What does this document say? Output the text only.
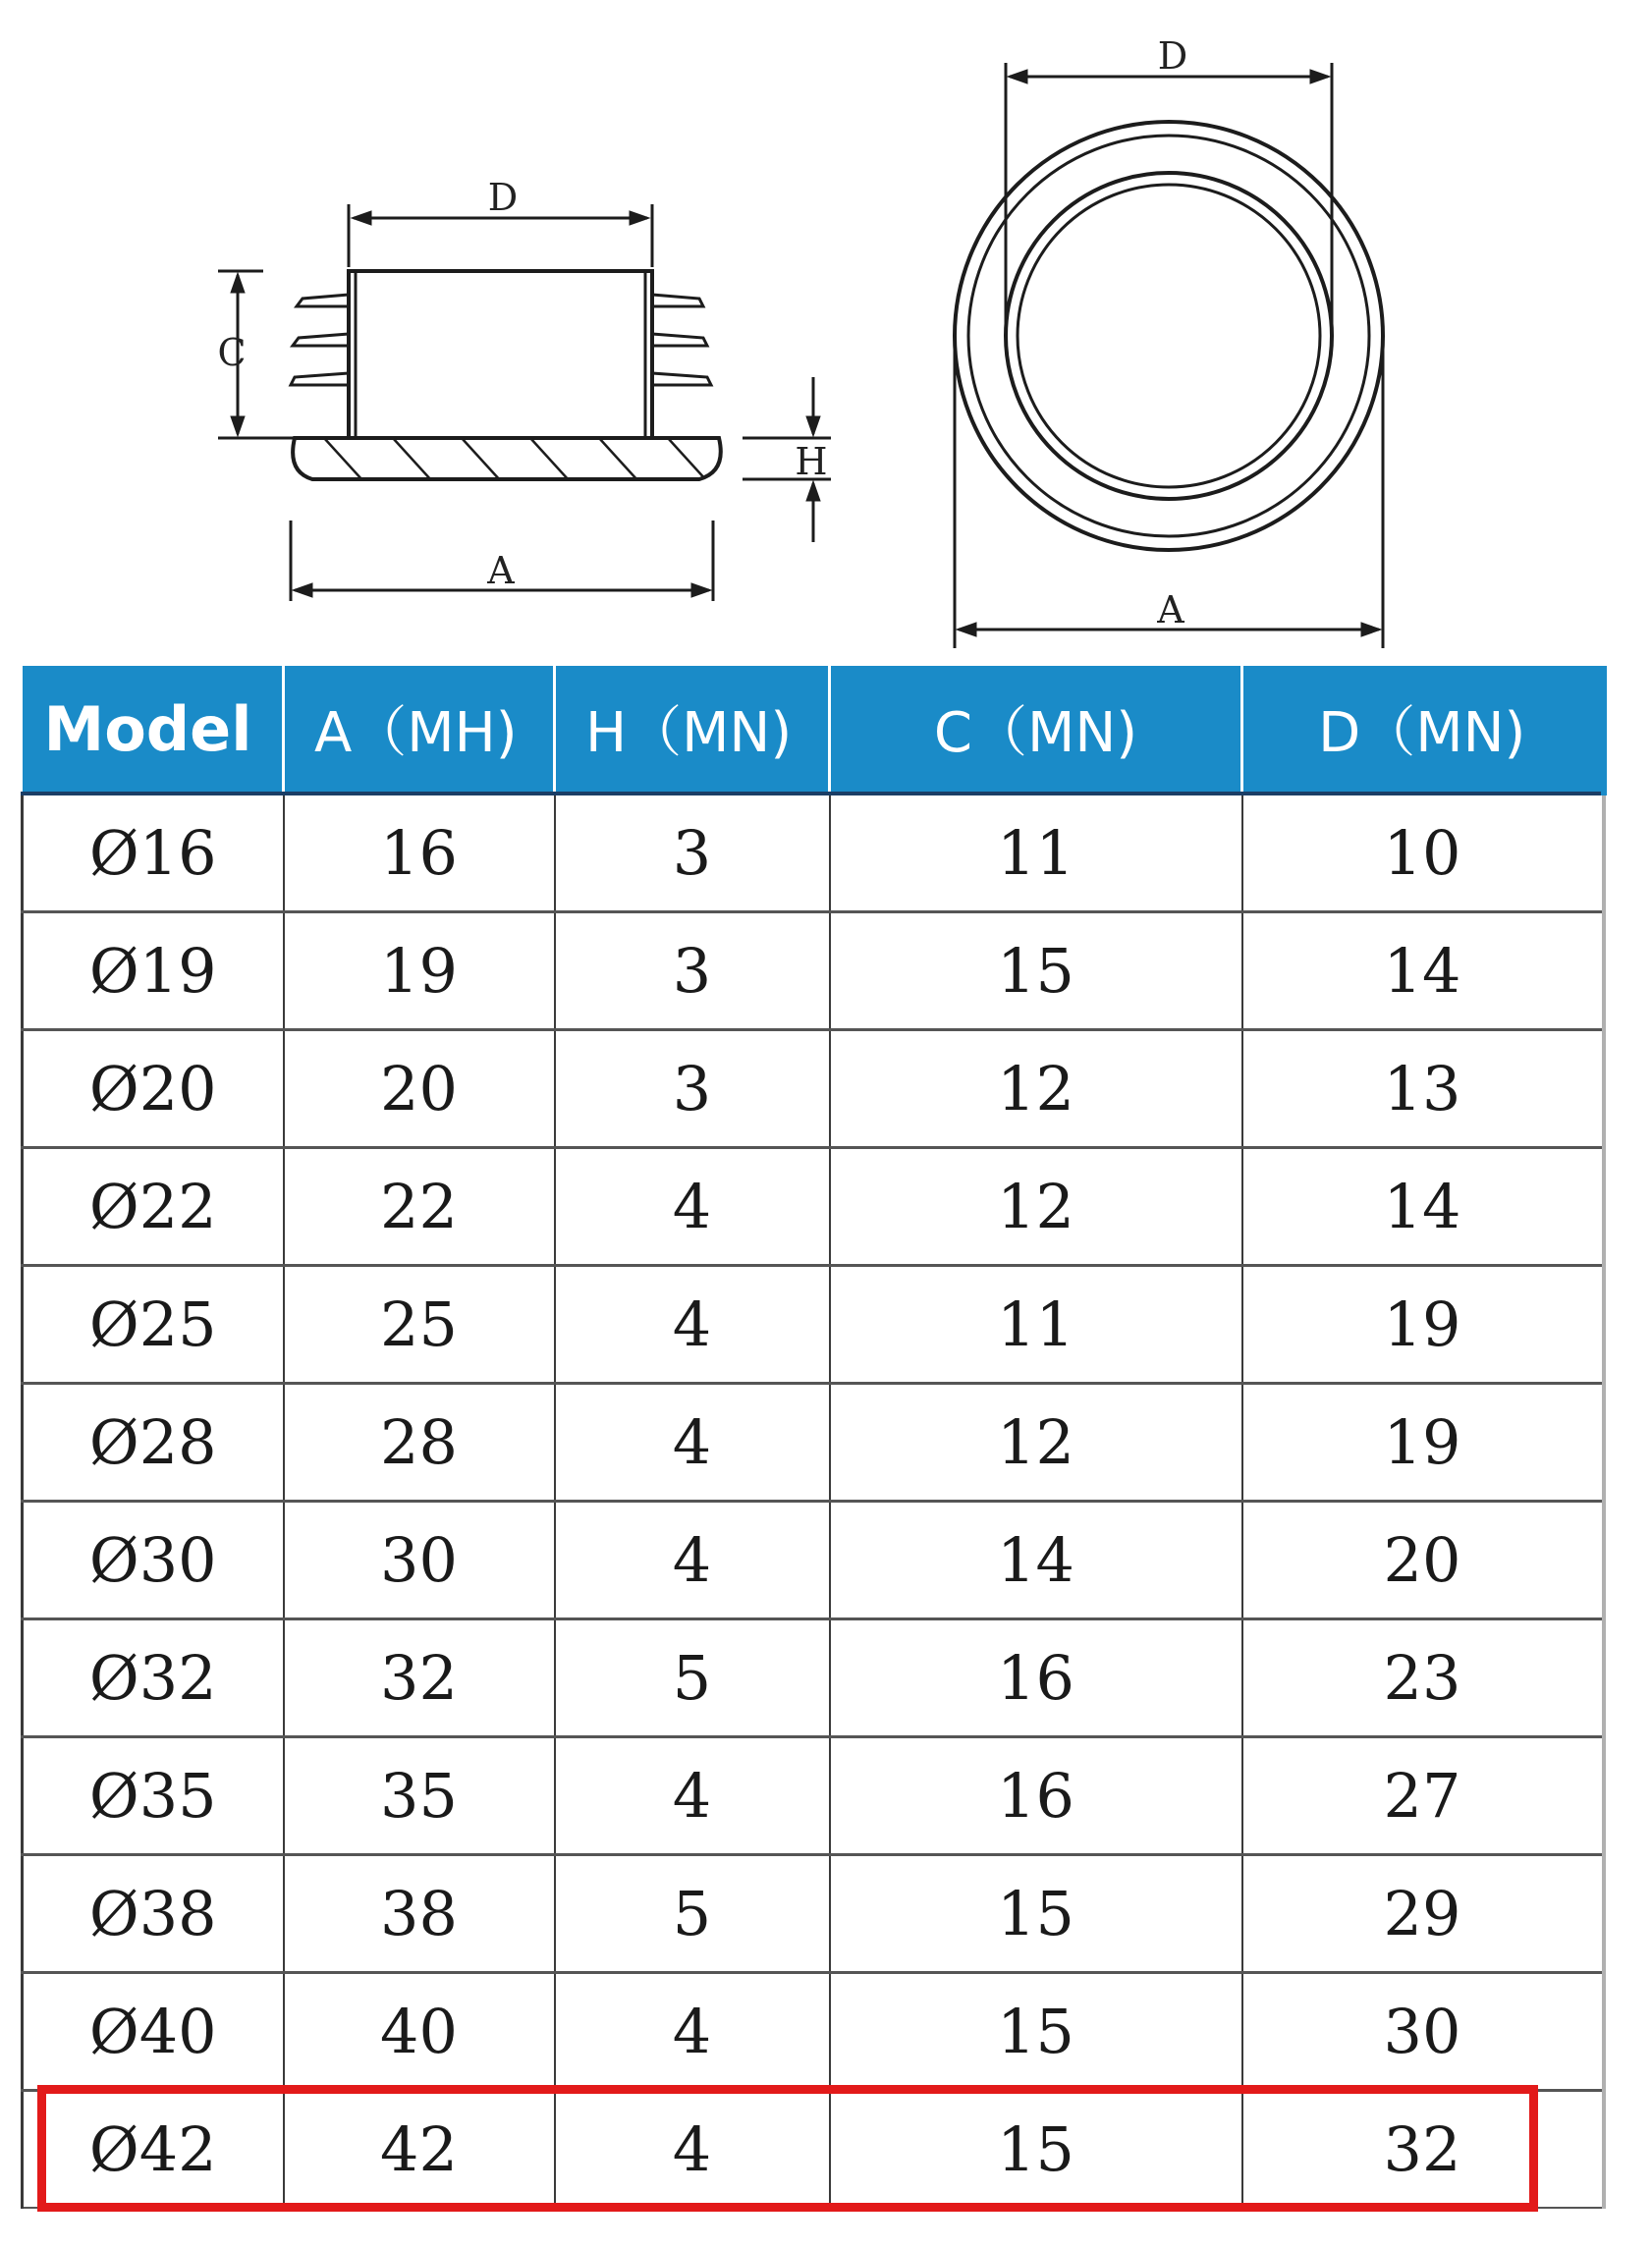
D
C
H
A
D
A
Model	A（MH)	H（MN)	C（MN)	D（MN)
Ø16	16	3	11	10
Ø19	19	3	15	14
Ø20	20	3	12	13
Ø22	22	4	12	14
Ø25	25	4	11	19
Ø28	28	4	12	19
Ø30	30	4	14	20
Ø32	32	5	16	23
Ø35	35	4	16	27
Ø38	38	5	15	29
Ø40	40	4	15	30
Ø42	42	4	15	32
